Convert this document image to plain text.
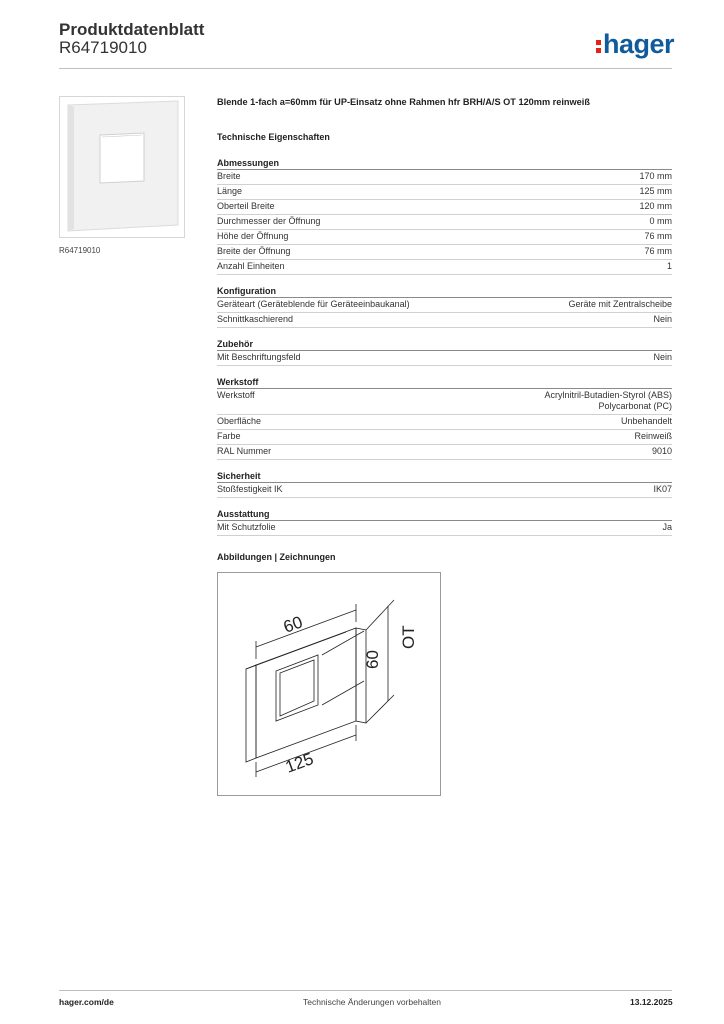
Produktdatenblatt
R64719010	hager
R64719010
Blende 1-fach a=60mm für UP-Einsatz ohne Rahmen hfr BRH/A/S OT 120mm reinweiß
Technische Eigenschaften
Abmessungen
Breite	170 mm
Länge	125 mm
Oberteil Breite	120 mm
Durchmesser der Öffnung	0 mm
Höhe der Öffnung	76 mm
Breite der Öffnung	76 mm
Anzahl Einheiten	1
Konfiguration
Geräteart (Geräteblende für Geräteeinbaukanal)	Geräte mit Zentralscheibe
Schnittkaschierend	Nein
Zubehör
Mit Beschriftungsfeld	Nein
Werkstoff
Werkstoff	Acrylnitril-Butadien-Styrol (ABS)
Polycarbonat (PC)
Oberfläche	Unbehandelt
Farbe	Reinweiß
RAL Nummer	9010
Sicherheit
Stoßfestigkeit IK	IK07
Ausstattung
Mit Schutzfolie	Ja
Abbildungen | Zeichnungen
60
60
OT
125
hager.com/de	Technische Änderungen vorbehalten	13.12.2025
